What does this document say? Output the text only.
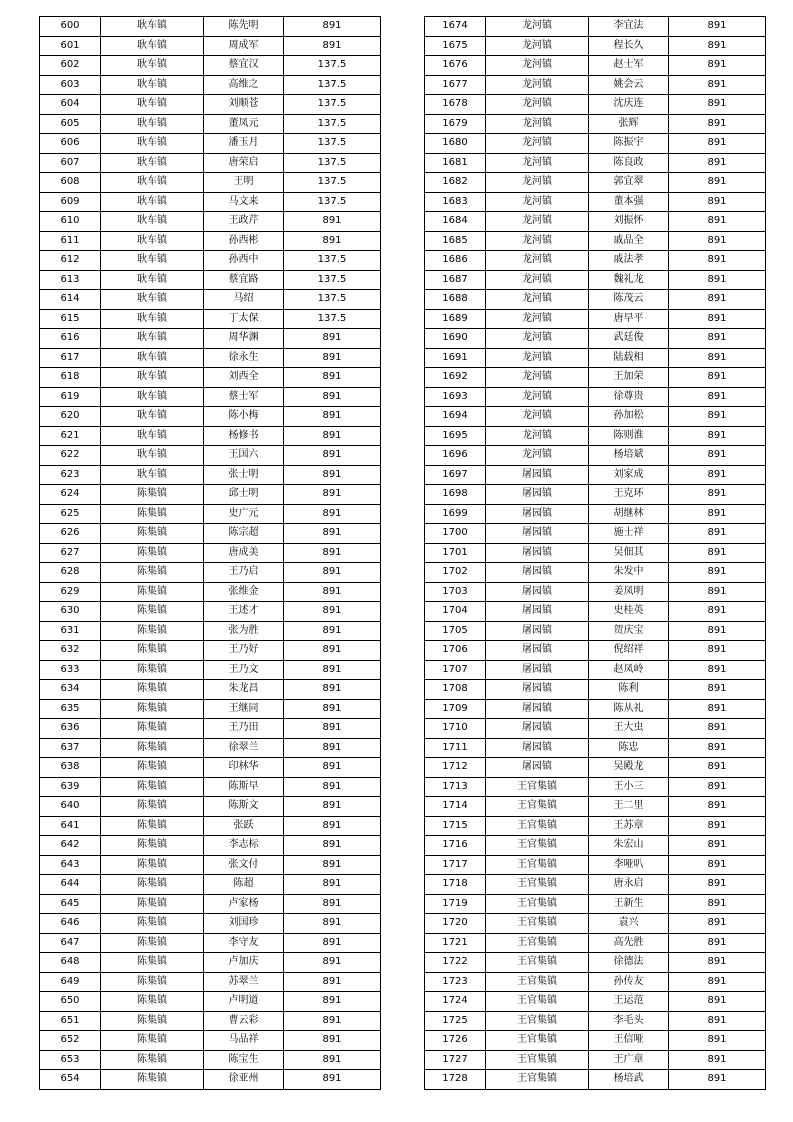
600	耿车镇	陈先明	891
601	耿车镇	周成军	891
602	耿车镇	蔡宜汉	137.5
603	耿车镇	高维之	137.5
604	耿车镇	刘顺苍	137.5
605	耿车镇	董凤元	137.5
606	耿车镇	潘玉月	137.5
607	耿车镇	唐荣启	137.5
608	耿车镇	王明	137.5
609	耿车镇	马文来	137.5
610	耿车镇	王政芹	891
611	耿车镇	孙西彬	891
612	耿车镇	孙西中	137.5
613	耿车镇	蔡宜路	137.5
614	耿车镇	马绍	137.5
615	耿车镇	丁太保	137.5
616	耿车镇	周华渊	891
617	耿车镇	徐永生	891
618	耿车镇	刘西全	891
619	耿车镇	蔡士军	891
620	耿车镇	陈小梅	891
621	耿车镇	杨修书	891
622	耿车镇	王国六	891
623	耿车镇	张士明	891
624	陈集镇	邱士明	891
625	陈集镇	史广元	891
626	陈集镇	陈宗超	891
627	陈集镇	唐成美	891
628	陈集镇	王乃启	891
629	陈集镇	张维金	891
630	陈集镇	王述才	891
631	陈集镇	张为胜	891
632	陈集镇	王乃好	891
633	陈集镇	王乃文	891
634	陈集镇	朱龙昌	891
635	陈集镇	王继同	891
636	陈集镇	王乃田	891
637	陈集镇	徐翠兰	891
638	陈集镇	印林华	891
639	陈集镇	陈斯早	891
640	陈集镇	陈斯文	891
641	陈集镇	张跃	891
642	陈集镇	李志标	891
643	陈集镇	张文付	891
644	陈集镇	陈超	891
645	陈集镇	卢家杨	891
646	陈集镇	刘国珍	891
647	陈集镇	李守友	891
648	陈集镇	卢加庆	891
649	陈集镇	苏翠兰	891
650	陈集镇	卢明道	891
651	陈集镇	曹云彩	891
652	陈集镇	马品祥	891
653	陈集镇	陈宝生	891
654	陈集镇	徐亚州	891
1674	龙河镇	李宜法	891
1675	龙河镇	程长久	891
1676	龙河镇	赵士军	891
1677	龙河镇	姚会云	891
1678	龙河镇	沈庆连	891
1679	龙河镇	张辉	891
1680	龙河镇	陈振宇	891
1681	龙河镇	陈良政	891
1682	龙河镇	郭宜翠	891
1683	龙河镇	董本强	891
1684	龙河镇	刘振怀	891
1685	龙河镇	戚品全	891
1686	龙河镇	戚法孝	891
1687	龙河镇	魏礼龙	891
1688	龙河镇	陈茂云	891
1689	龙河镇	唐早平	891
1690	龙河镇	武廷俊	891
1691	龙河镇	陆载相	891
1692	龙河镇	王加荣	891
1693	龙河镇	徐尊贵	891
1694	龙河镇	孙加松	891
1695	龙河镇	陈则淮	891
1696	龙河镇	杨培斌	891
1697	屠园镇	刘家成	891
1698	屠园镇	王克环	891
1699	屠园镇	胡继林	891
1700	屠园镇	施士祥	891
1701	屠园镇	吴佃其	891
1702	屠园镇	朱发中	891
1703	屠园镇	姜凤明	891
1704	屠园镇	史桂英	891
1705	屠园镇	贺庆宝	891
1706	屠园镇	倪绍祥	891
1707	屠园镇	赵凤岭	891
1708	屠园镇	陈利	891
1709	屠园镇	陈从礼	891
1710	屠园镇	王大虫	891
1711	屠园镇	陈忠	891
1712	屠园镇	吴殿龙	891
1713	王官集镇	王小三	891
1714	王官集镇	王二里	891
1715	王官集镇	王苏章	891
1716	王官集镇	朱宏山	891
1717	王官集镇	李哑叭	891
1718	王官集镇	唐永启	891
1719	王官集镇	王新生	891
1720	王官集镇	袁兴	891
1721	王官集镇	高先胜	891
1722	王官集镇	徐德法	891
1723	王官集镇	孙传友	891
1724	王官集镇	王运范	891
1725	王官集镇	李毛头	891
1726	王官集镇	王信哑	891
1727	王官集镇	王广章	891
1728	王官集镇	杨培武	891
